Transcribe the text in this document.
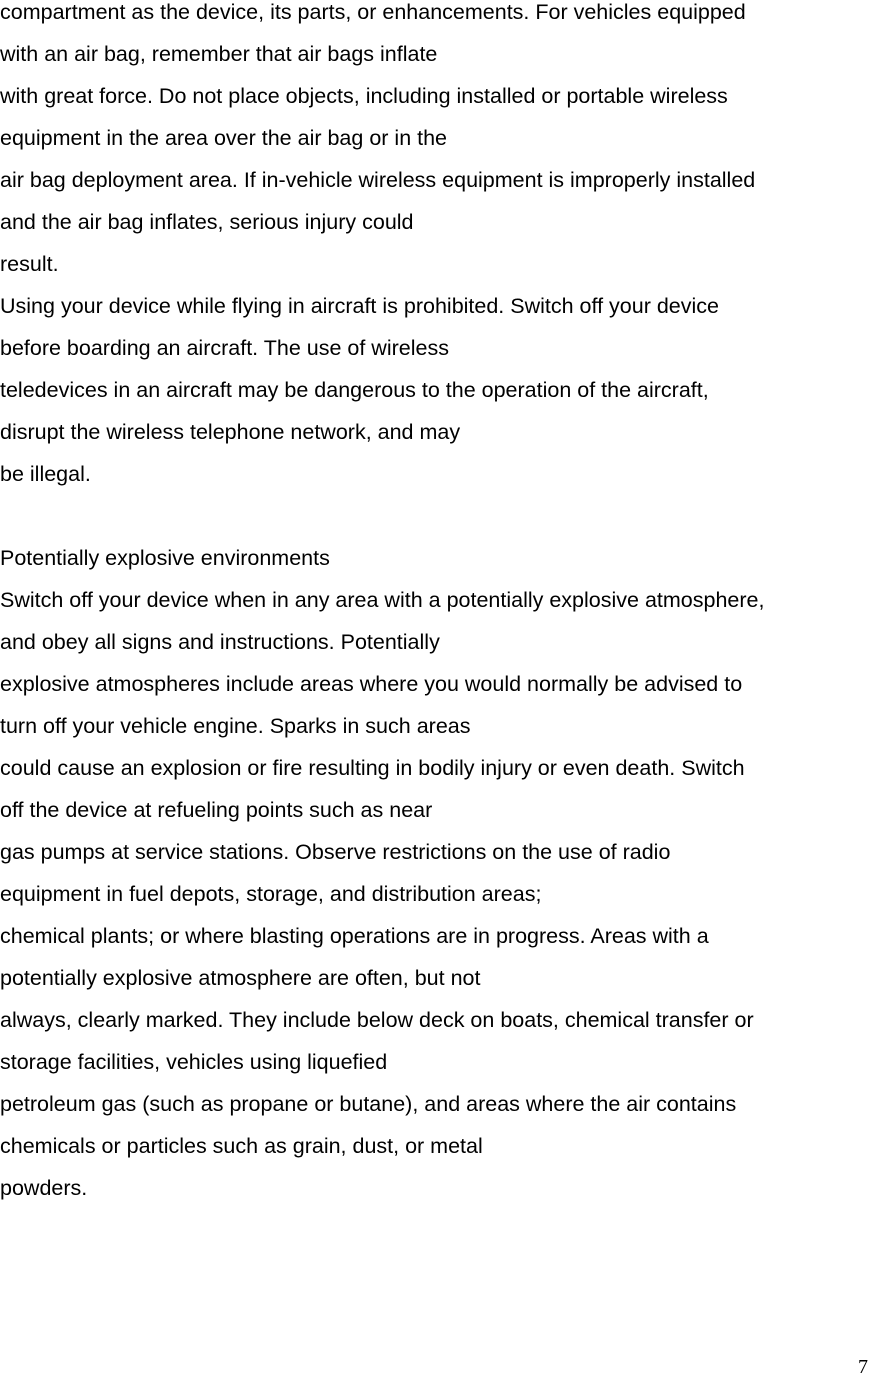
compartment as the device, its parts, or enhancements. For vehicles equipped
with an air bag, remember that air bags inflate
with great force. Do not place objects, including installed or portable wireless
equipment in the area over the air bag or in the
air bag deployment area. If in-vehicle wireless equipment is improperly installed
and the air bag inflates, serious injury could
result.
Using your device while flying in aircraft is prohibited. Switch off your device
before boarding an aircraft. The use of wireless
teledevices in an aircraft may be dangerous to the operation of the aircraft,
disrupt the wireless telephone network, and may
be illegal.
Potentially explosive environments
Switch off your device when in any area with a potentially explosive atmosphere,
and obey all signs and instructions. Potentially
explosive atmospheres include areas where you would normally be advised to
turn off your vehicle engine. Sparks in such areas
could cause an explosion or fire resulting in bodily injury or even death. Switch
off the device at refueling points such as near
gas pumps at service stations. Observe restrictions on the use of radio
equipment in fuel depots, storage, and distribution areas;
chemical plants; or where blasting operations are in progress. Areas with a
potentially explosive atmosphere are often, but not
always, clearly marked. They include below deck on boats, chemical transfer or
storage facilities, vehicles using liquefied
petroleum gas (such as propane or butane), and areas where the air contains
chemicals or particles such as grain, dust, or metal
powders.
7
